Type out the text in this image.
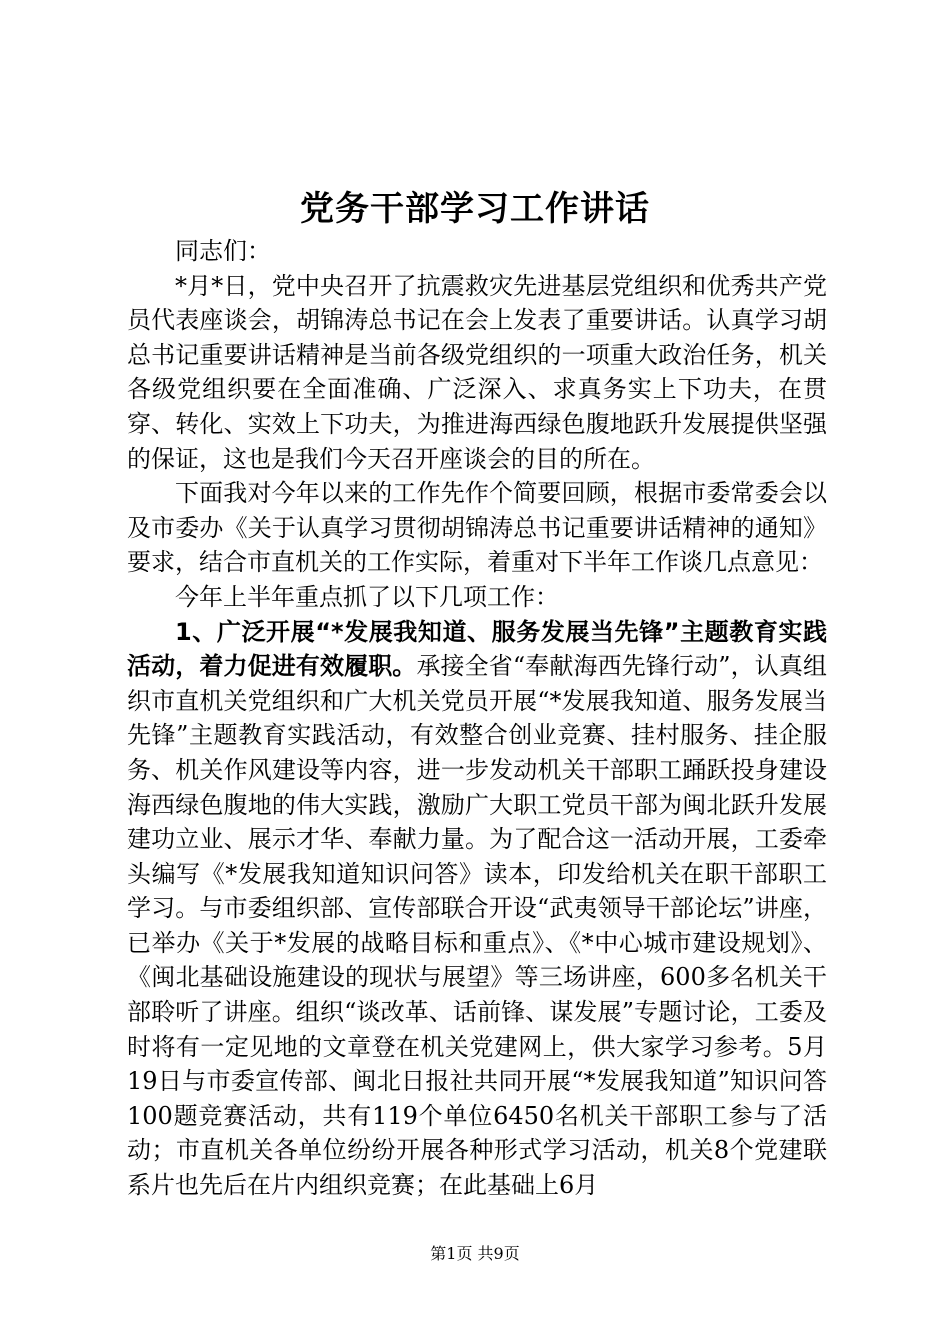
党务干部学习工作讲话

同志们：

*月*日，党中央召开了抗震救灾先进基层党组织和优秀共产党员代表座谈会，胡锦涛总书记在会上发表了重要讲话。认真学习胡总书记重要讲话精神是当前各级党组织的一项重大政治任务，机关各级党组织要在全面准确、广泛深入、求真务实上下功夫，在贯穿、转化、实效上下功夫，为推进海西绿色腹地跃升发展提供坚强的保证，这也是我们今天召开座谈会的目的所在。

下面我对今年以来的工作先作个简要回顾，根据市委常委会以及市委办《关于认真学习贯彻胡锦涛总书记重要讲话精神的通知》要求，结合市直机关的工作实际，着重对下半年工作谈几点意见：

今年上半年重点抓了以下几项工作：

1、广泛开展“*发展我知道、服务发展当先锋”主题教育实践活动，着力促进有效履职。承接全省“奉献海西先锋行动”，认真组织市直机关党组织和广大机关党员开展“*发展我知道、服务发展当先锋”主题教育实践活动，有效整合创业竞赛、挂村服务、挂企服务、机关作风建设等内容，进一步发动机关干部职工踊跃投身建设海西绿色腹地的伟大实践，激励广大职工党员干部为闽北跃升发展建功立业、展示才华、奉献力量。为了配合这一活动开展，工委牵头编写《*发展我知道知识问答》读本，印发给机关在职干部职工学习。与市委组织部、宣传部联合开设“武夷领导干部论坛”讲座，已举办《关于*发展的战略目标和重点》、《*中心城市建设规划》、《闽北基础设施建设的现状与展望》等三场讲座，600多名机关干部聆听了讲座。组织“谈改革、话前锋、谋发展”专题讨论，工委及时将有一定见地的文章登在机关党建网上，供大家学习参考。5月19日与市委宣传部、闽北日报社共同开展“*发展我知道”知识问答100题竞赛活动，共有119个单位6450名机关干部职工参与了活动；市直机关各单位纷纷开展各种形式学习活动，机关8个党建联系片也先后在片内组织竞赛；在此基础上6月

第1页 共9页
